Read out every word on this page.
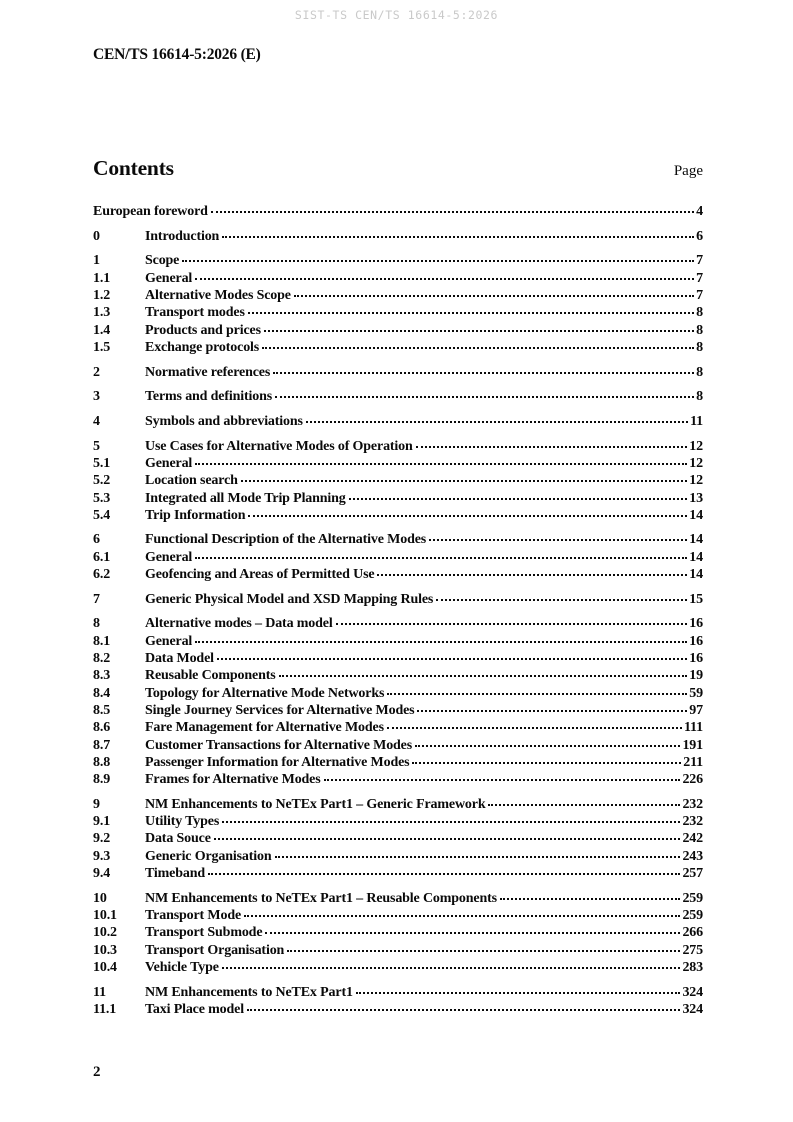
SIST-TS CEN/TS 16614-5:2026
CEN/TS 16614-5:2026 (E)
Contents	Page
European foreword	4
0	Introduction	6
1	Scope	7
1.1	General	7
1.2	Alternative Modes Scope	7
1.3	Transport modes	8
1.4	Products and prices	8
1.5	Exchange protocols	8
2	Normative references	8
3	Terms and definitions	8
4	Symbols and abbreviations	11
5	Use Cases for Alternative Modes of Operation	12
5.1	General	12
5.2	Location search	12
5.3	Integrated all Mode Trip Planning	13
5.4	Trip Information	14
6	Functional Description of the Alternative Modes	14
6.1	General	14
6.2	Geofencing and Areas of Permitted Use	14
7	Generic Physical Model and XSD Mapping Rules	15
8	Alternative modes – Data model	16
8.1	General	16
8.2	Data Model	16
8.3	Reusable Components	19
8.4	Topology for Alternative Mode Networks	59
8.5	Single Journey Services for Alternative Modes	97
8.6	Fare Management for Alternative Modes	111
8.7	Customer Transactions for Alternative Modes	191
8.8	Passenger Information for Alternative Modes	211
8.9	Frames for Alternative Modes	226
9	NM Enhancements to NeTEx Part1 – Generic Framework	232
9.1	Utility Types	232
9.2	Data Souce	242
9.3	Generic Organisation	243
9.4	Timeband	257
10	NM Enhancements to NeTEx Part1 – Reusable Components	259
10.1	Transport Mode	259
10.2	Transport Submode	266
10.3	Transport Organisation	275
10.4	Vehicle Type	283
11	NM Enhancements to NeTEx Part1	324
11.1	Taxi Place model	324
2
